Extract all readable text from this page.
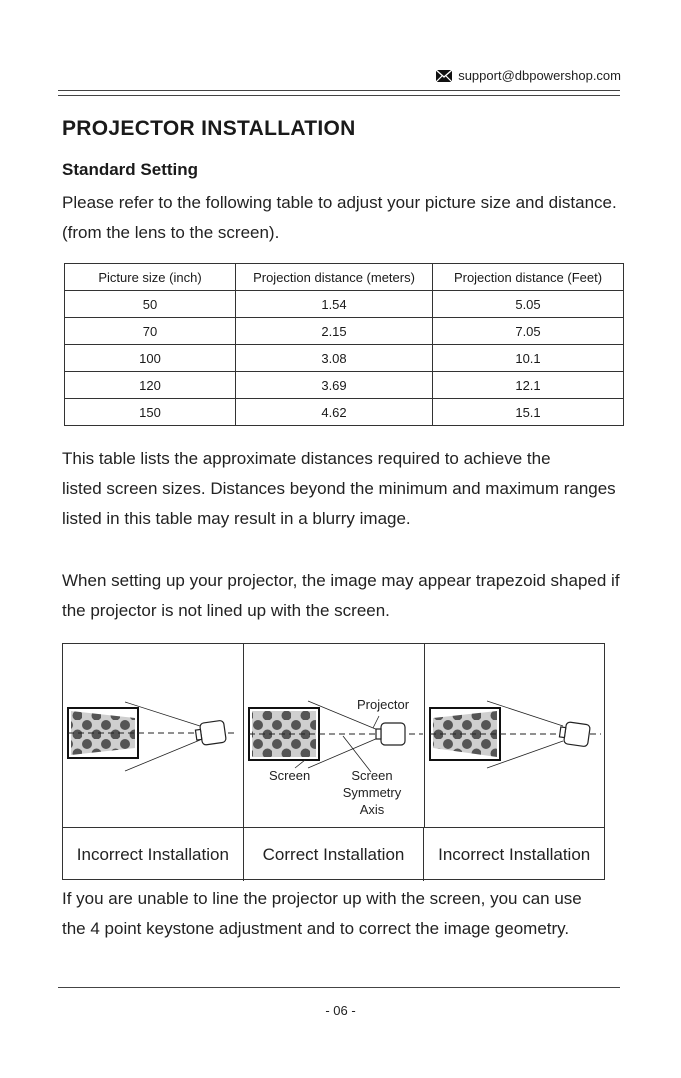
support@dbpowershop.com
PROJECTOR INSTALLATION
Standard Setting

Please refer to the following table to adjust your picture size and distance.
(from the lens to the screen).

Picture size (inch)	Projection distance (meters)	Projection distance (Feet)
50	1.54	5.05
70	2.15	7.05
100	3.08	10.1
120	3.69	12.1
150	4.62	15.1

This table lists the approximate distances required to achieve the
listed screen sizes. Distances beyond the minimum and maximum ranges
listed in this table may result in a blurry image.

When setting up your projector, the image may appear trapezoid shaped if
the projector is not lined up with the screen.

Projector
Screen	Screen
Symmetry
Axis
Incorrect Installation	Correct Installation	Incorrect Installation

If you are unable to line the projector up with the screen, you can use
the 4 point keystone adjustment and to correct the image geometry.

- 06 -
